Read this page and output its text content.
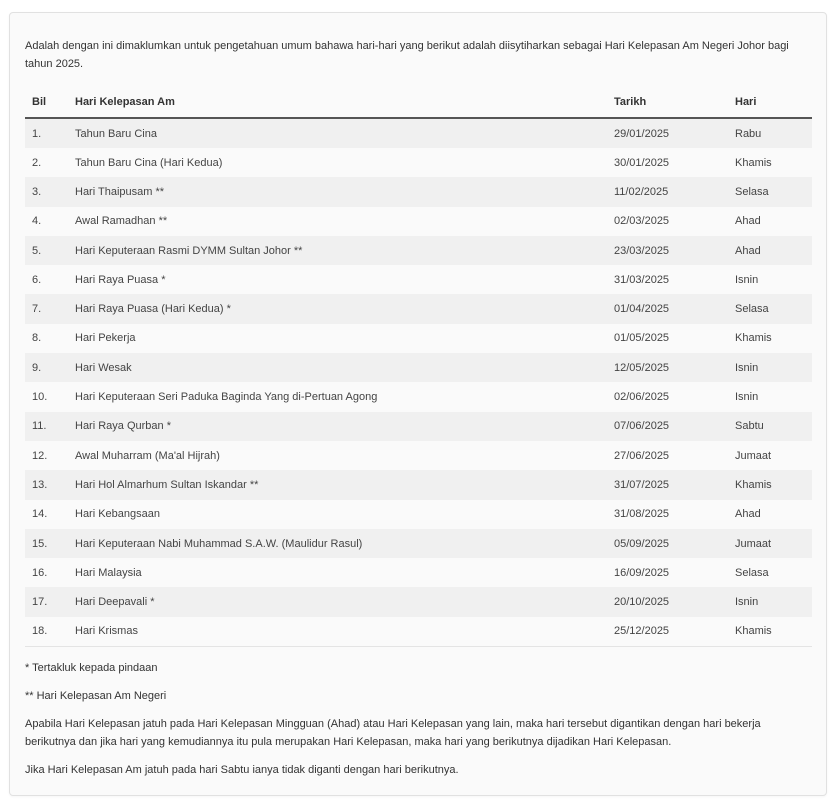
Adalah dengan ini dimaklumkan untuk pengetahuan umum bahawa hari-hari yang berikut adalah diisytiharkan sebagai Hari Kelepasan Am Negeri Johor bagi tahun 2025.

Bil	Hari Kelepasan Am	Tarikh	Hari
1.	Tahun Baru Cina	29/01/2025	Rabu
2.	Tahun Baru Cina (Hari Kedua)	30/01/2025	Khamis
3.	Hari Thaipusam **	11/02/2025	Selasa
4.	Awal Ramadhan **	02/03/2025	Ahad
5.	Hari Keputeraan Rasmi DYMM Sultan Johor **	23/03/2025	Ahad
6.	Hari Raya Puasa *	31/03/2025	Isnin
7.	Hari Raya Puasa (Hari Kedua) *	01/04/2025	Selasa
8.	Hari Pekerja	01/05/2025	Khamis
9.	Hari Wesak	12/05/2025	Isnin
10.	Hari Keputeraan Seri Paduka Baginda Yang di-Pertuan Agong	02/06/2025	Isnin
11.	Hari Raya Qurban *	07/06/2025	Sabtu
12.	Awal Muharram (Ma'al Hijrah)	27/06/2025	Jumaat
13.	Hari Hol Almarhum Sultan Iskandar **	31/07/2025	Khamis
14.	Hari Kebangsaan	31/08/2025	Ahad
15.	Hari Keputeraan Nabi Muhammad S.A.W. (Maulidur Rasul)	05/09/2025	Jumaat
16.	Hari Malaysia	16/09/2025	Selasa
17.	Hari Deepavali *	20/10/2025	Isnin
18.	Hari Krismas	25/12/2025	Khamis

* Tertakluk kepada pindaan

** Hari Kelepasan Am Negeri

Apabila Hari Kelepasan jatuh pada Hari Kelepasan Mingguan (Ahad) atau Hari Kelepasan yang lain, maka hari tersebut digantikan dengan hari bekerja berikutnya dan jika hari yang kemudiannya itu pula merupakan Hari Kelepasan, maka hari yang berikutnya dijadikan Hari Kelepasan.

Jika Hari Kelepasan Am jatuh pada hari Sabtu ianya tidak diganti dengan hari berikutnya.
